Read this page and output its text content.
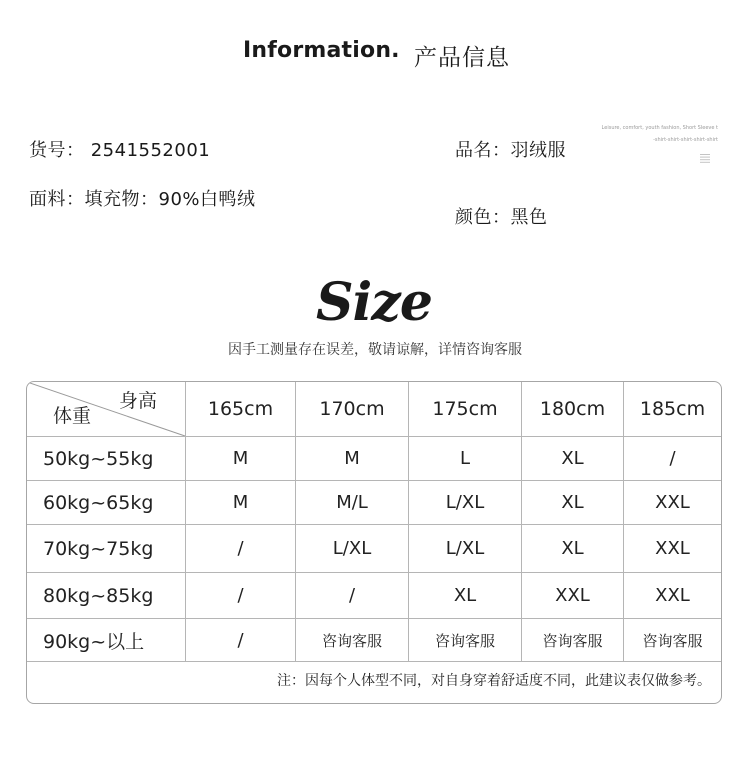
Information. 产品信息
货号： 2541552001
面料：填充物：90%白鸭绒
品名：羽绒服
颜色：黑色
Leisure, comfort, youth fashion, Short Sleeve t
-shirt-shirt-shirt-shirt-shirt
Size
因手工测量存在误差，敬请谅解，详情咨询客服
身高
体重	165cm	170cm	175cm	180cm	185cm
50kg~55kg	M	M	L	XL	/
60kg~65kg	M	M/L	L/XL	XL	XXL
70kg~75kg	/	L/XL	L/XL	XL	XXL
80kg~85kg	/	/	XL	XXL	XXL
90kg~以上	/	咨询客服	咨询客服	咨询客服	咨询客服
注：因每个人体型不同，对自身穿着舒适度不同，此建议表仅做参考。
